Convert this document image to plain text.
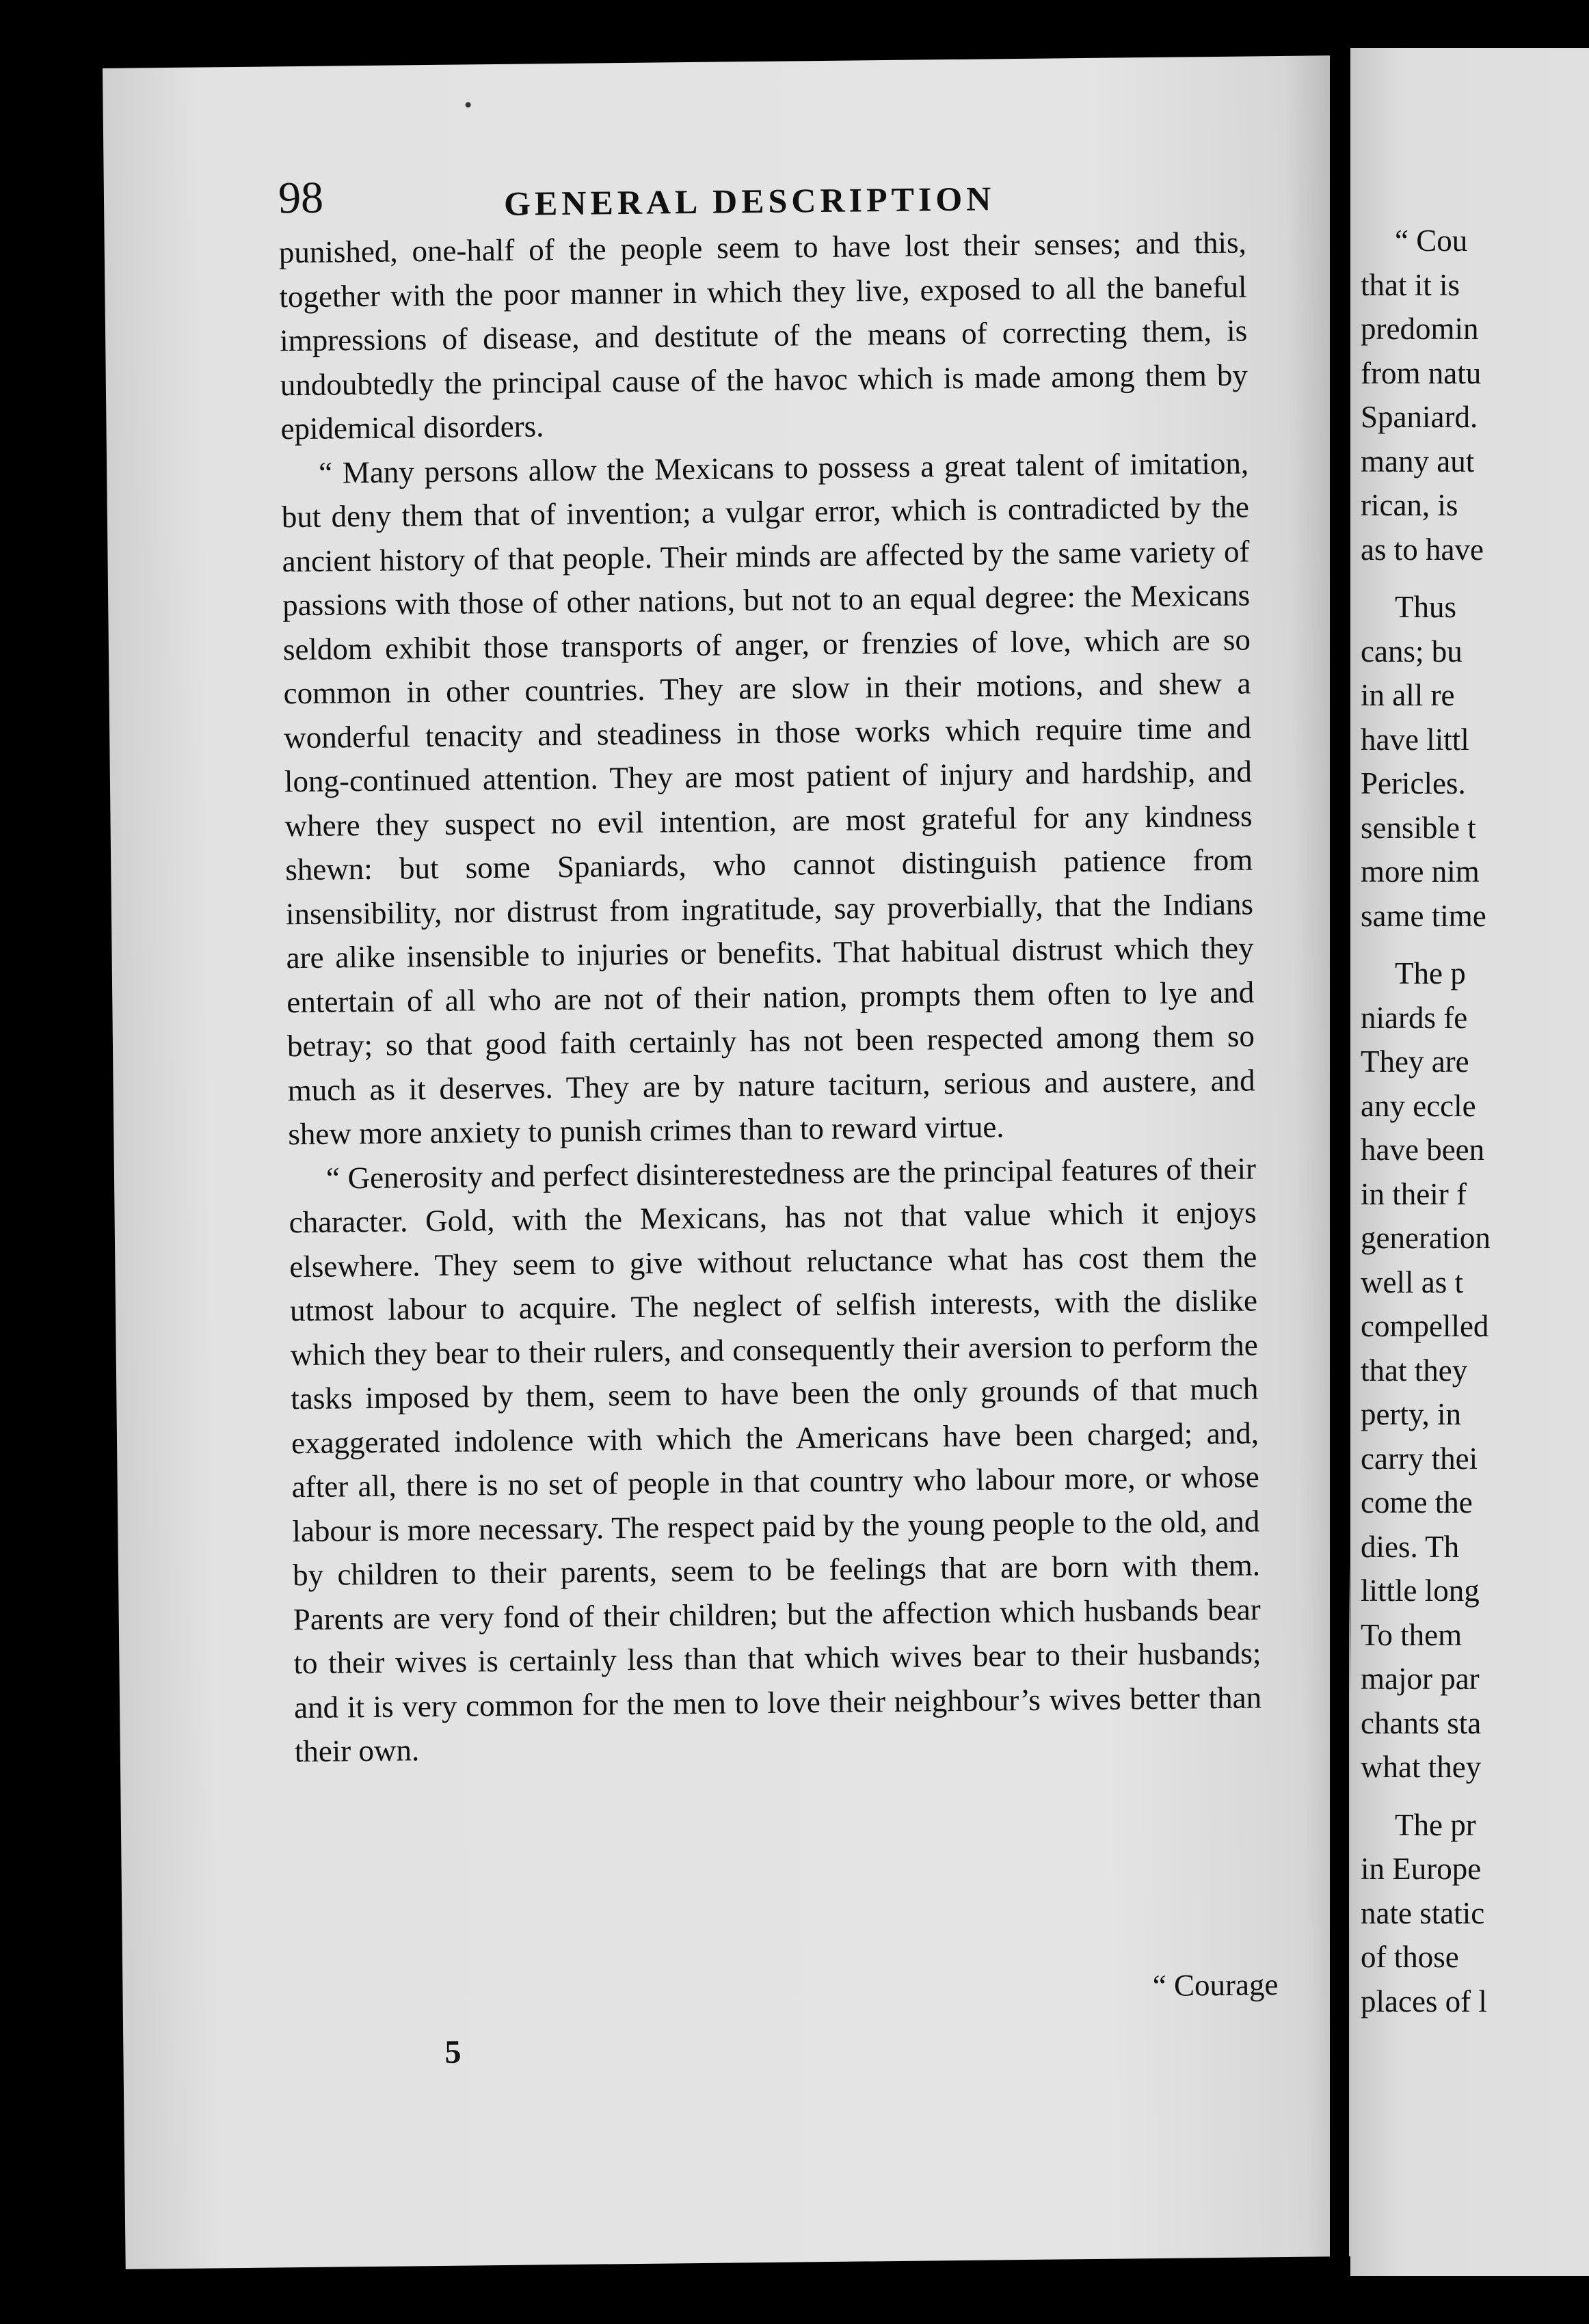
98	GENERAL DESCRIPTION

punished, one-half of the people seem to have lost their senses; and this, together with the poor manner in which they live, exposed to all the baneful impressions of disease, and destitute of the means of correcting them, is undoubtedly the principal cause of the havoc which is made among them by epidemical disorders.

“ Many persons allow the Mexicans to possess a great talent of imitation, but deny them that of invention; a vulgar error, which is contradicted by the ancient history of that people. Their minds are affected by the same variety of passions with those of other nations, but not to an equal degree: the Mexicans seldom exhibit those transports of anger, or frenzies of love, which are so common in other countries. They are slow in their motions, and shew a wonderful tenacity and steadiness in those works which require time and long-continued attention. They are most patient of injury and hardship, and where they suspect no evil intention, are most grateful for any kindness shewn: but some Spaniards, who cannot distinguish patience from insensibility, nor distrust from ingratitude, say proverbially, that the Indians are alike insensible to injuries or benefits. That habitual distrust which they entertain of all who are not of their nation, prompts them often to lye and betray; so that good faith certainly has not been respected among them so much as it deserves. They are by nature taciturn, serious and austere, and shew more anxiety to punish crimes than to reward virtue.

“ Generosity and perfect disinterestedness are the principal features of their character. Gold, with the Mexicans, has not that value which it enjoys elsewhere. They seem to give without reluctance what has cost them the utmost labour to acquire. The neglect of selfish interests, with the dislike which they bear to their rulers, and consequently their aversion to perform the tasks imposed by them, seem to have been the only grounds of that much exaggerated indolence with which the Americans have been charged; and, after all, there is no set of people in that country who labour more, or whose labour is more necessary. The respect paid by the young people to the old, and by children to their parents, seem to be feelings that are born with them. Parents are very fond of their children; but the affection which husbands bear to their wives is certainly less than that which wives bear to their husbands; and it is very common for the men to love their neighbour’s wives better than their own.

5
“ Courage
“ Cou
that it is
predomin
from natu
Spaniard.
many aut
rican, is
as to have
Thus
cans; bu
in all re
have littl
Pericles.
sensible t
more nim
same time
The p
niards fe
They are
any eccle
have been
in their f
generation
well as t
compelled
that they
perty, in
carry thei
come the
dies. Th
little long
To them
major par
chants sta
what they
The pr
in Europe
nate static
of those
places of l
